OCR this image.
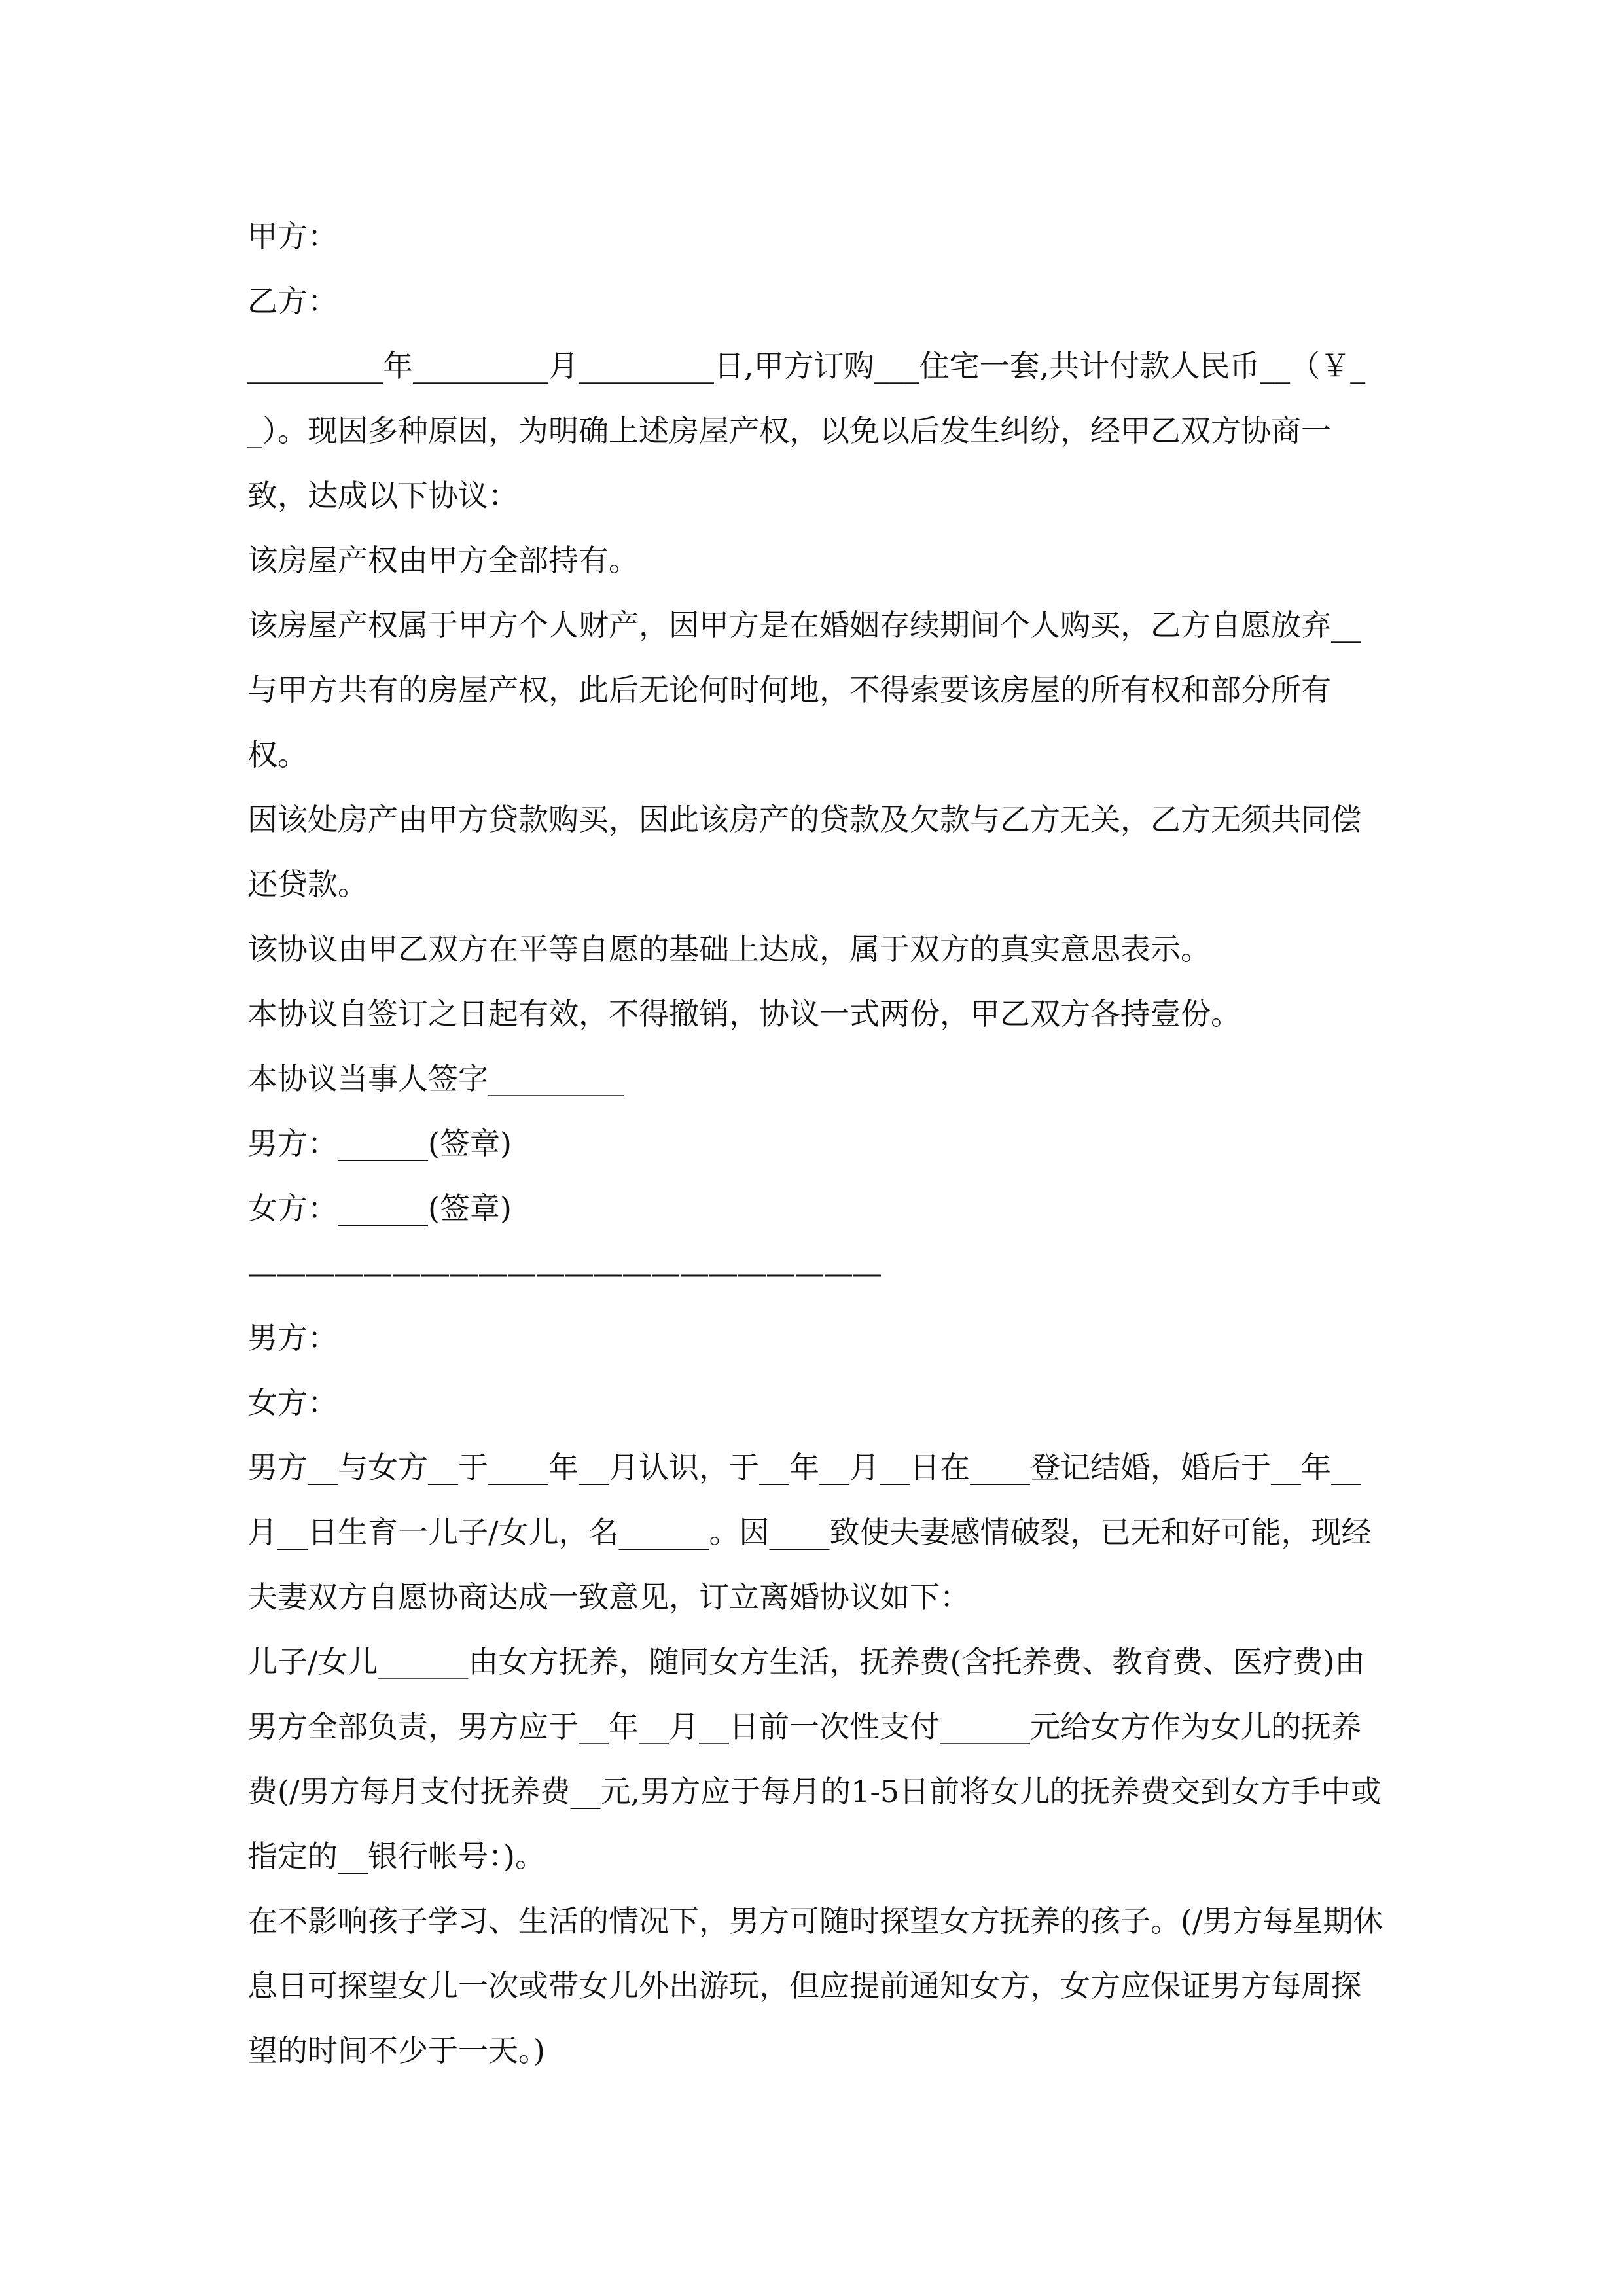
甲方：

乙方：

_________年_________月_________日,甲方订购___住宅一套,共计付款人民币__（￥__）。现因多种原因，为明确上述房屋产权，以免以后发生纠纷，经甲乙双方协商一致，达成以下协议：

该房屋产权由甲方全部持有。

该房屋产权属于甲方个人财产，因甲方是在婚姻存续期间个人购买，乙方自愿放弃__与甲方共有的房屋产权，此后无论何时何地，不得索要该房屋的所有权和部分所有权。

因该处房产由甲方贷款购买，因此该房产的贷款及欠款与乙方无关，乙方无须共同偿还贷款。

该协议由甲乙双方在平等自愿的基础上达成，属于双方的真实意思表示。

本协议自签订之日起有效，不得撤销，协议一式两份，甲乙双方各持壹份。

本协议当事人签字_________

男方：______(签章)

女方：______(签章)

——————————————————————

男方：

女方：

男方__与女方__于____年__月认识，于__年__月__日在____登记结婚，婚后于__年__月__日生育一儿子/女儿，名______。因____致使夫妻感情破裂，已无和好可能，现经夫妻双方自愿协商达成一致意见，订立离婚协议如下：

儿子/女儿______由女方抚养，随同女方生活，抚养费(含托养费、教育费、医疗费)由男方全部负责，男方应于__年__月__日前一次性支付______元给女方作为女儿的抚养费(/男方每月支付抚养费__元,男方应于每月的1-5日前将女儿的抚养费交到女方手中或指定的__银行帐号：)。

在不影响孩子学习、生活的情况下，男方可随时探望女方抚养的孩子。(/男方每星期休息日可探望女儿一次或带女儿外出游玩，但应提前通知女方，女方应保证男方每周探望的时间不少于一天。)
